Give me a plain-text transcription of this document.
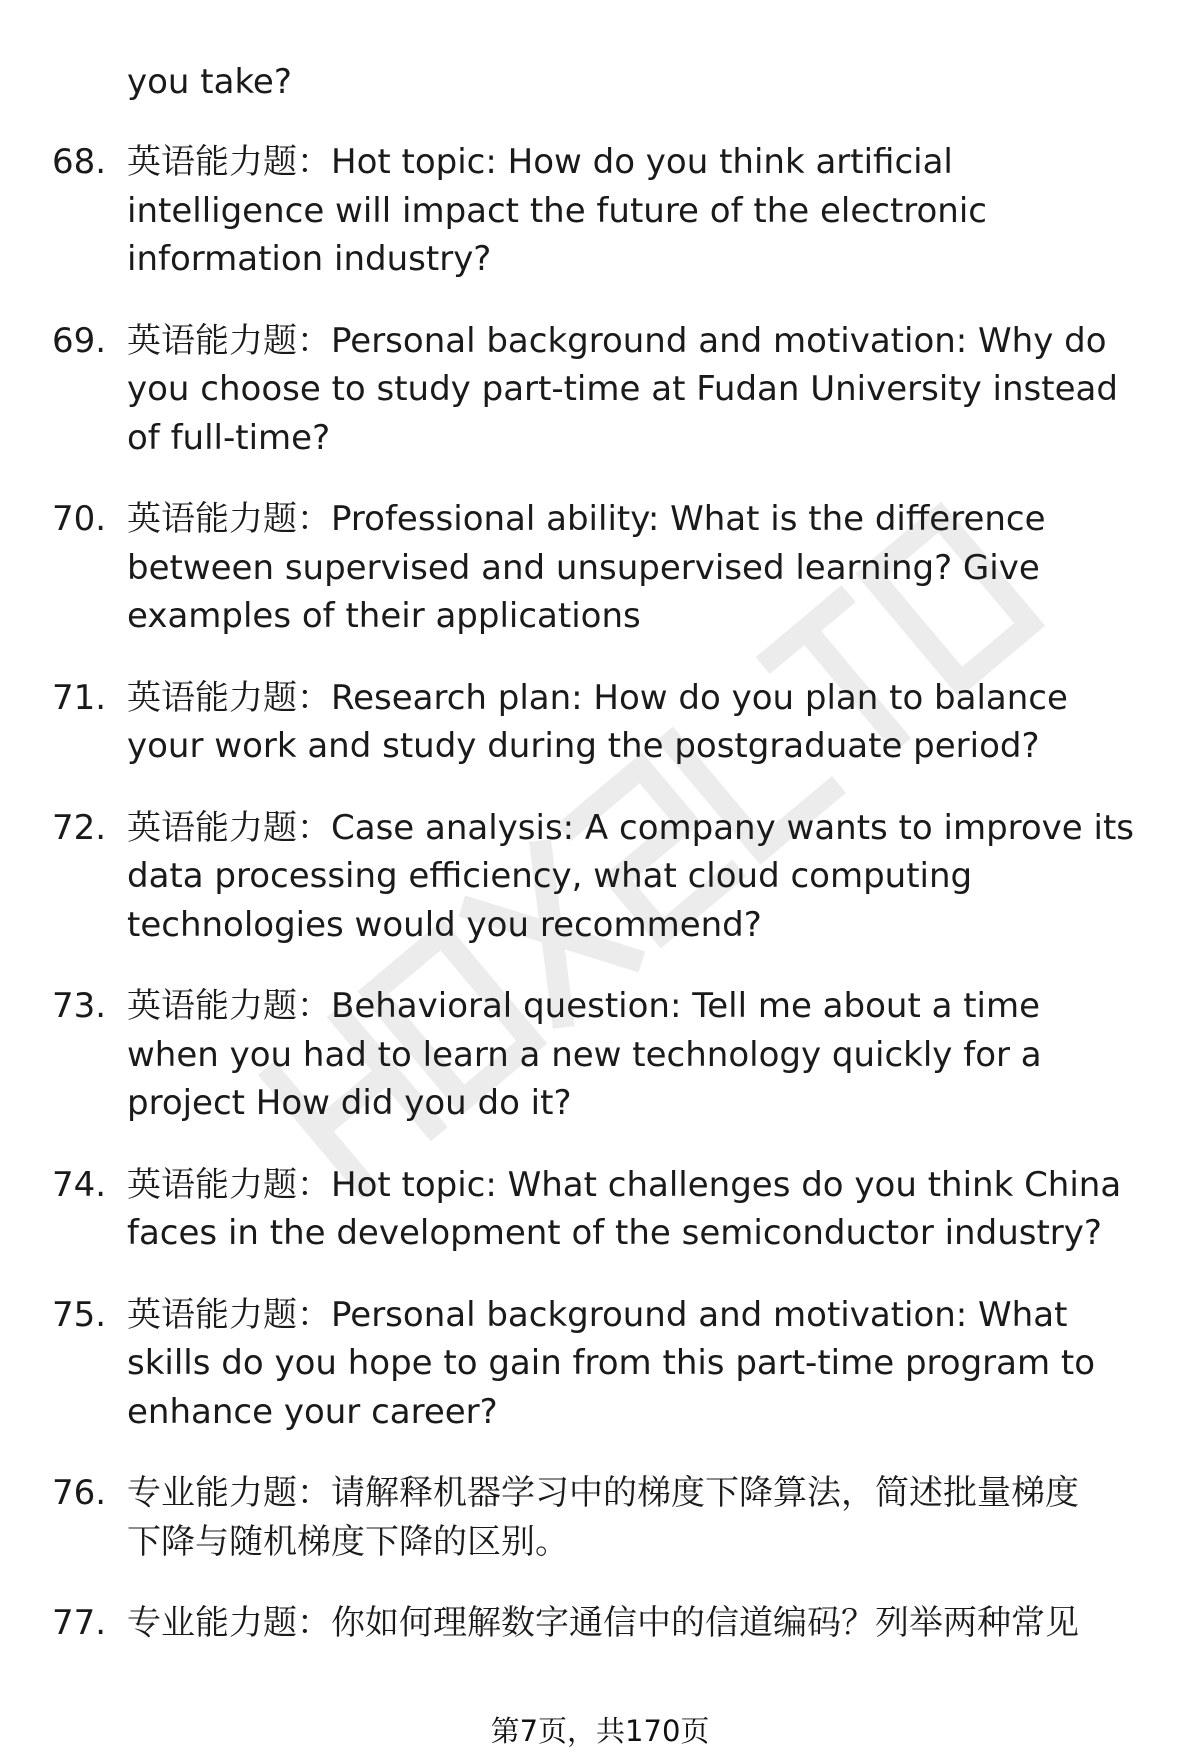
you take?
68. 英语能力题：Hot topic: How do you think artificial
intelligence will impact the future of the electronic
information industry?
69. 英语能力题：Personal background and motivation: Why do
you choose to study part-time at Fudan University instead
of full-time?
70. 英语能力题：Professional ability: What is the difference
between supervised and unsupervised learning? Give
examples of their applications
71. 英语能力题：Research plan: How do you plan to balance
your work and study during the postgraduate period?
72. 英语能力题：Case analysis: A company wants to improve its
data processing efficiency, what cloud computing
technologies would you recommend?
73. 英语能力题：Behavioral question: Tell me about a time
when you had to learn a new technology quickly for a
project How did you do it?
74. 英语能力题：Hot topic: What challenges do you think China
faces in the development of the semiconductor industry?
75. 英语能力题：Personal background and motivation: What
skills do you hope to gain from this part-time program to
enhance your career?
76. 专业能力题：请解释机器学习中的梯度下降算法，简述批量梯度
下降与随机梯度下降的区别。
77. 专业能力题：你如何理解数字通信中的信道编码？列举两种常见
第7页，共170页
